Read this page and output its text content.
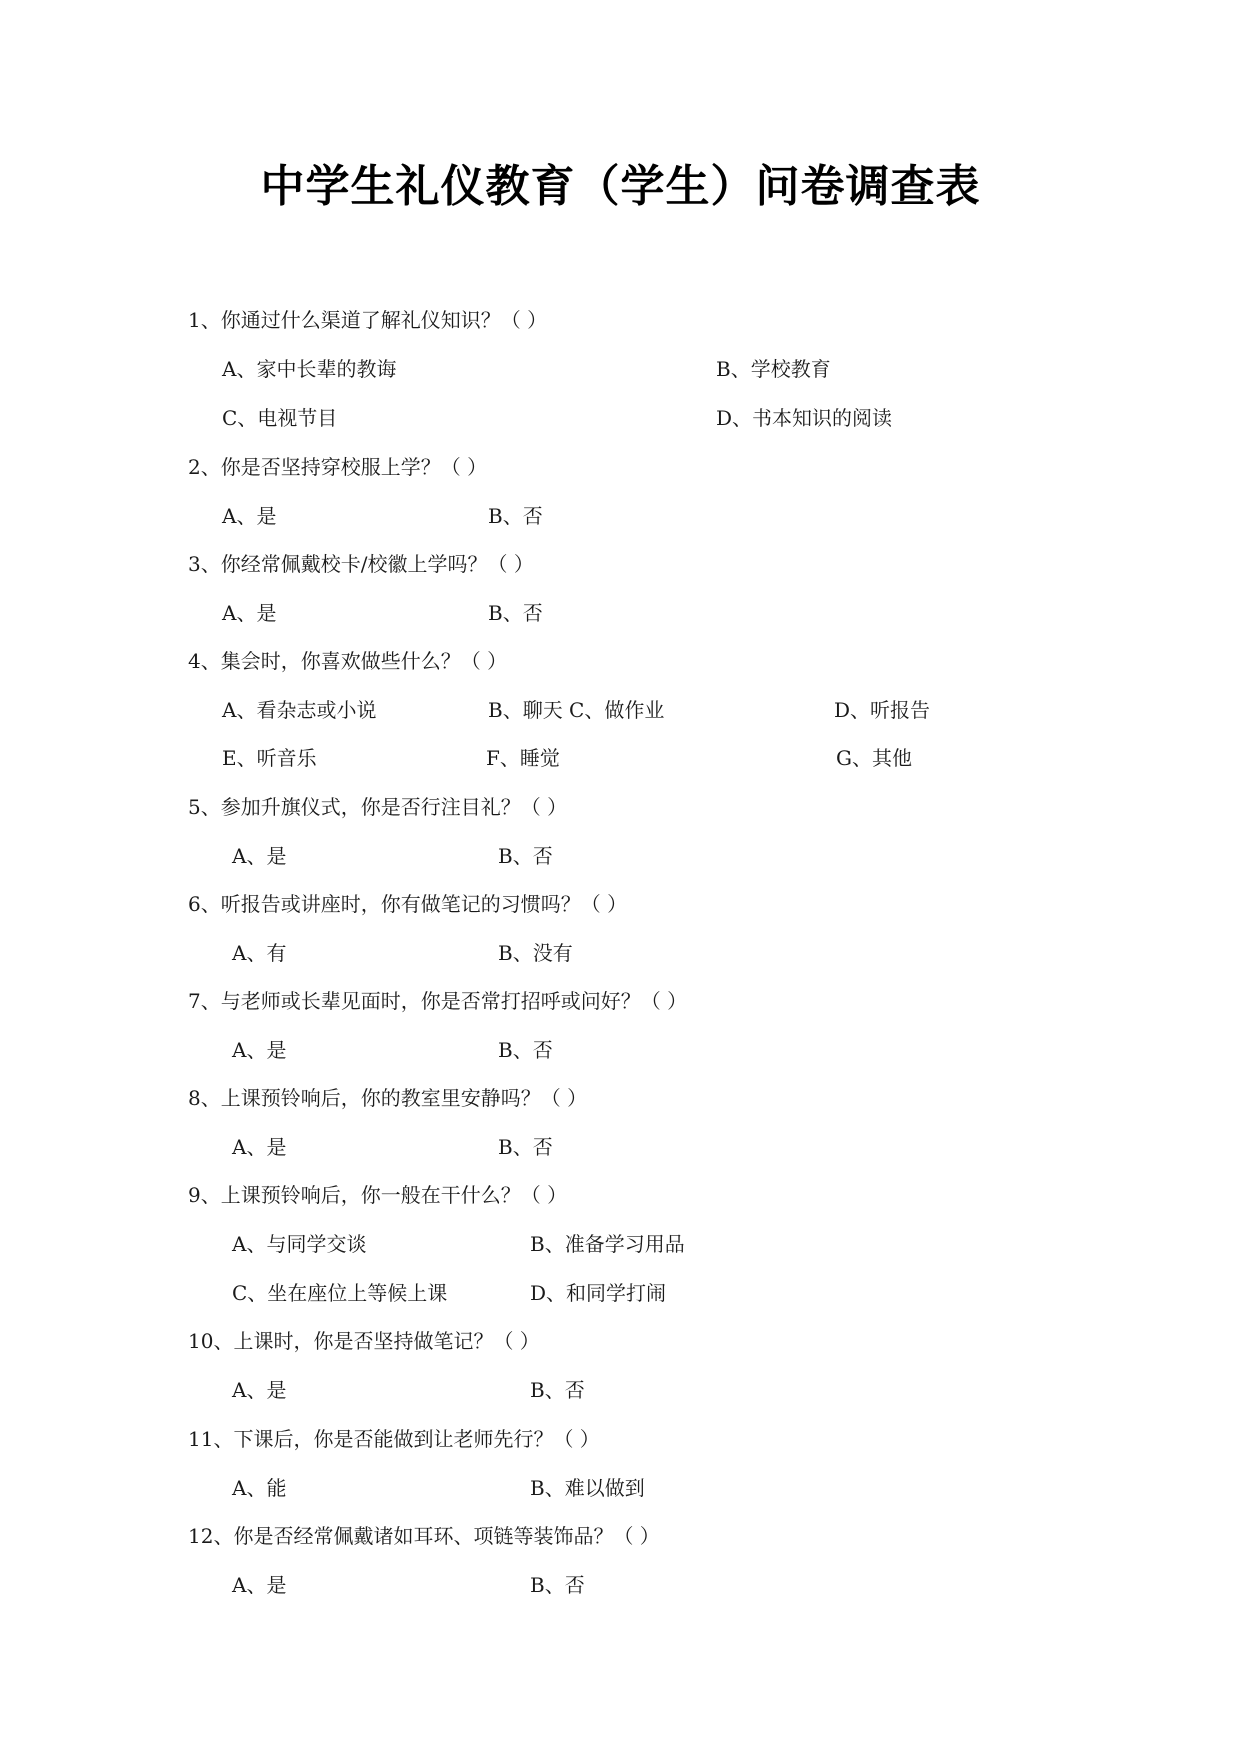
中学生礼仪教育（学生）问卷调查表
1、你通过什么渠道了解礼仪知识？（ ）
A、家中长辈的教诲	B、学校教育
C、电视节目	D、书本知识的阅读
2、你是否坚持穿校服上学？（ ）
A、是	B、否
3、你经常佩戴校卡/校徽上学吗？（ ）
A、是	B、否
4、集会时，你喜欢做些什么？（ ）
A、看杂志或小说	B、聊天 C、做作业	D、听报告
E、听音乐	F、睡觉	G、其他
5、参加升旗仪式，你是否行注目礼？（ ）
A、是	B、否
6、听报告或讲座时，你有做笔记的习惯吗？（ ）
A、有	B、没有
7、与老师或长辈见面时，你是否常打招呼或问好？（ ）
A、是	B、否
8、上课预铃响后，你的教室里安静吗？（ ）
A、是	B、否
9、上课预铃响后，你一般在干什么？（ ）
A、与同学交谈	B、准备学习用品
C、坐在座位上等候上课	D、和同学打闹
10、上课时，你是否坚持做笔记？（ ）
A、是	B、否
11、下课后，你是否能做到让老师先行？（ ）
A、能	B、难以做到
12、你是否经常佩戴诸如耳环、项链等装饰品？（ ）
A、是	B、否
